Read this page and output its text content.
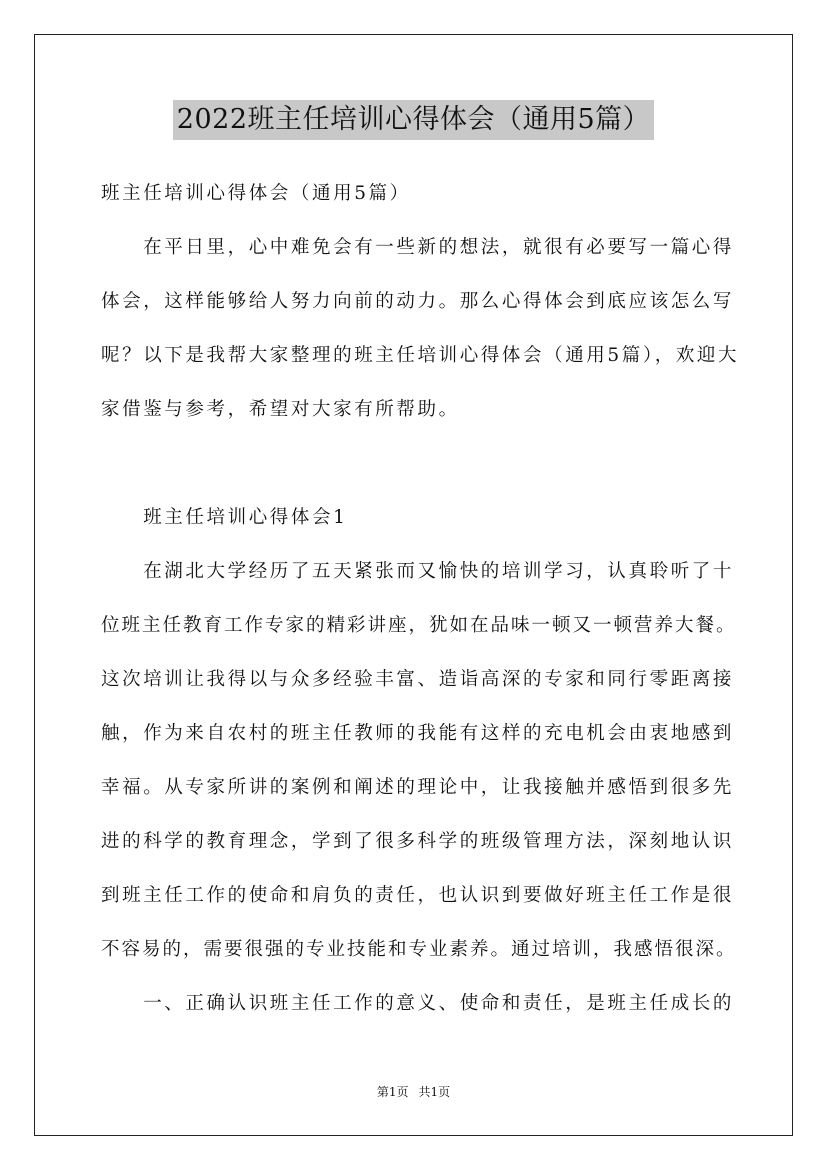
2022班主任培训心得体会（通用5篇）
班主任培训心得体会（通用5篇）
　　在平日里，心中难免会有一些新的想法，就很有必要写一篇心得
体会，这样能够给人努力向前的动力。那么心得体会到底应该怎么写
呢？以下是我帮大家整理的班主任培训心得体会（通用5篇），欢迎大
家借鉴与参考，希望对大家有所帮助。
　　班主任培训心得体会1
　　在湖北大学经历了五天紧张而又愉快的培训学习，认真聆听了十
位班主任教育工作专家的精彩讲座，犹如在品味一顿又一顿营养大餐。
这次培训让我得以与众多经验丰富、造诣高深的专家和同行零距离接
触，作为来自农村的班主任教师的我能有这样的充电机会由衷地感到
幸福。从专家所讲的案例和阐述的理论中，让我接触并感悟到很多先
进的科学的教育理念，学到了很多科学的班级管理方法，深刻地认识
到班主任工作的使命和肩负的责任，也认识到要做好班主任工作是很
不容易的，需要很强的专业技能和专业素养。通过培训，我感悟很深。
　　一、正确认识班主任工作的意义、使命和责任，是班主任成长的
第1页 共1页
